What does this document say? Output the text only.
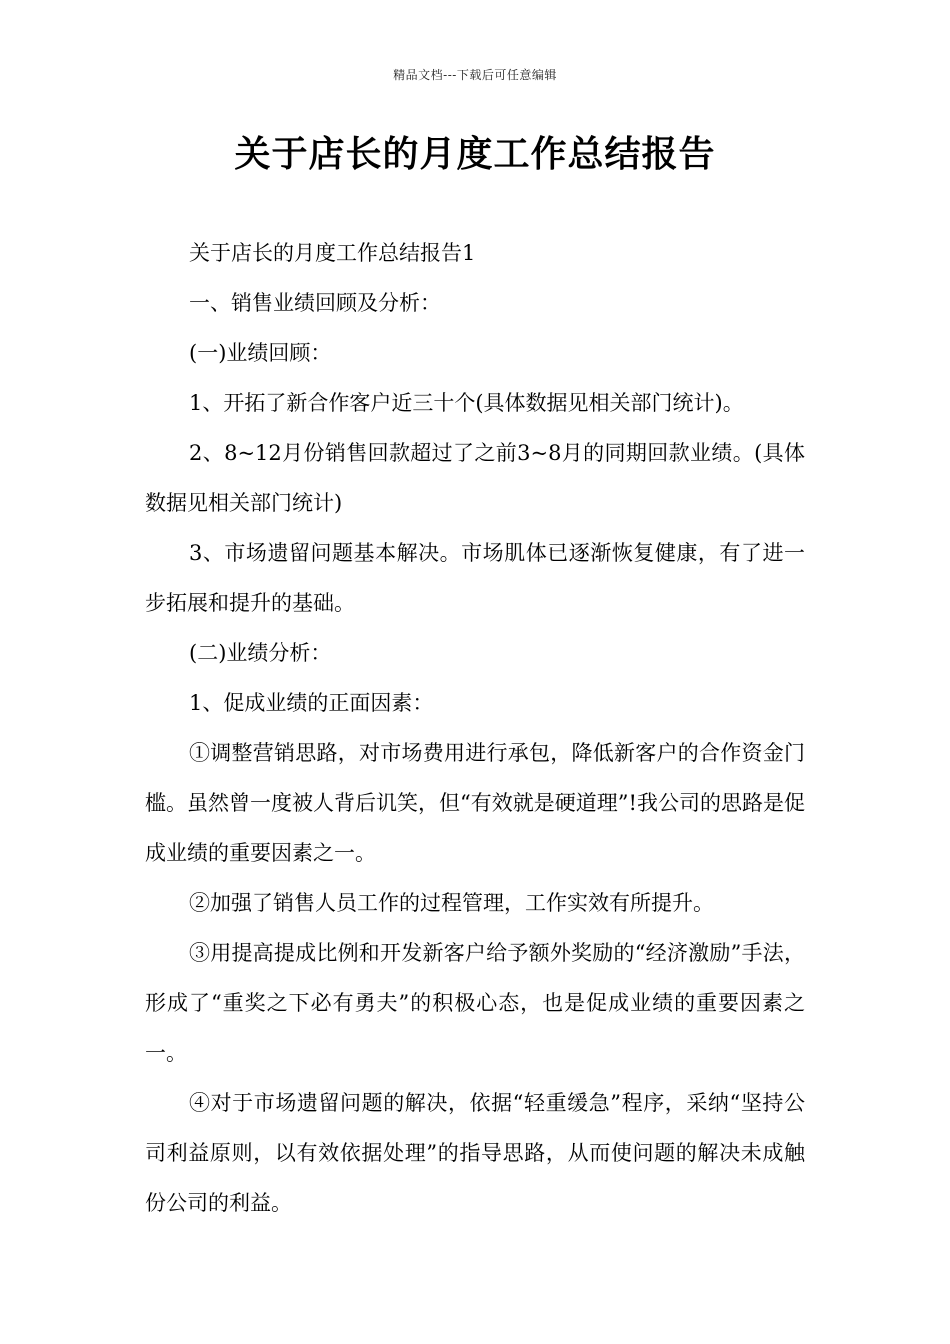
精品文档---下载后可任意编辑
关于店长的月度工作总结报告

关于店长的月度工作总结报告1

一、销售业绩回顾及分析：

(一)业绩回顾：

1、开拓了新合作客户近三十个(具体数据见相关部门统计)。

2、8~12月份销售回款超过了之前3~8月的同期回款业绩。(具体数据见相关部门统计)

3、市场遗留问题基本解决。市场肌体已逐渐恢复健康，有了进一步拓展和提升的基础。

(二)业绩分析：

1、促成业绩的正面因素：

①调整营销思路，对市场费用进行承包，降低新客户的合作资金门槛。虽然曾一度被人背后讥笑，但“有效就是硬道理”!我公司的思路是促成业绩的重要因素之一。

②加强了销售人员工作的过程管理，工作实效有所提升。

③用提高提成比例和开发新客户给予额外奖励的“经济激励”手法，形成了“重奖之下必有勇夫”的积极心态，也是促成业绩的重要因素之一。

④对于市场遗留问题的解决，依据“轻重缓急”程序，采纳“坚持公司利益原则，以有效依据处理”的指导思路，从而使问题的解决未成触份公司的利益。
